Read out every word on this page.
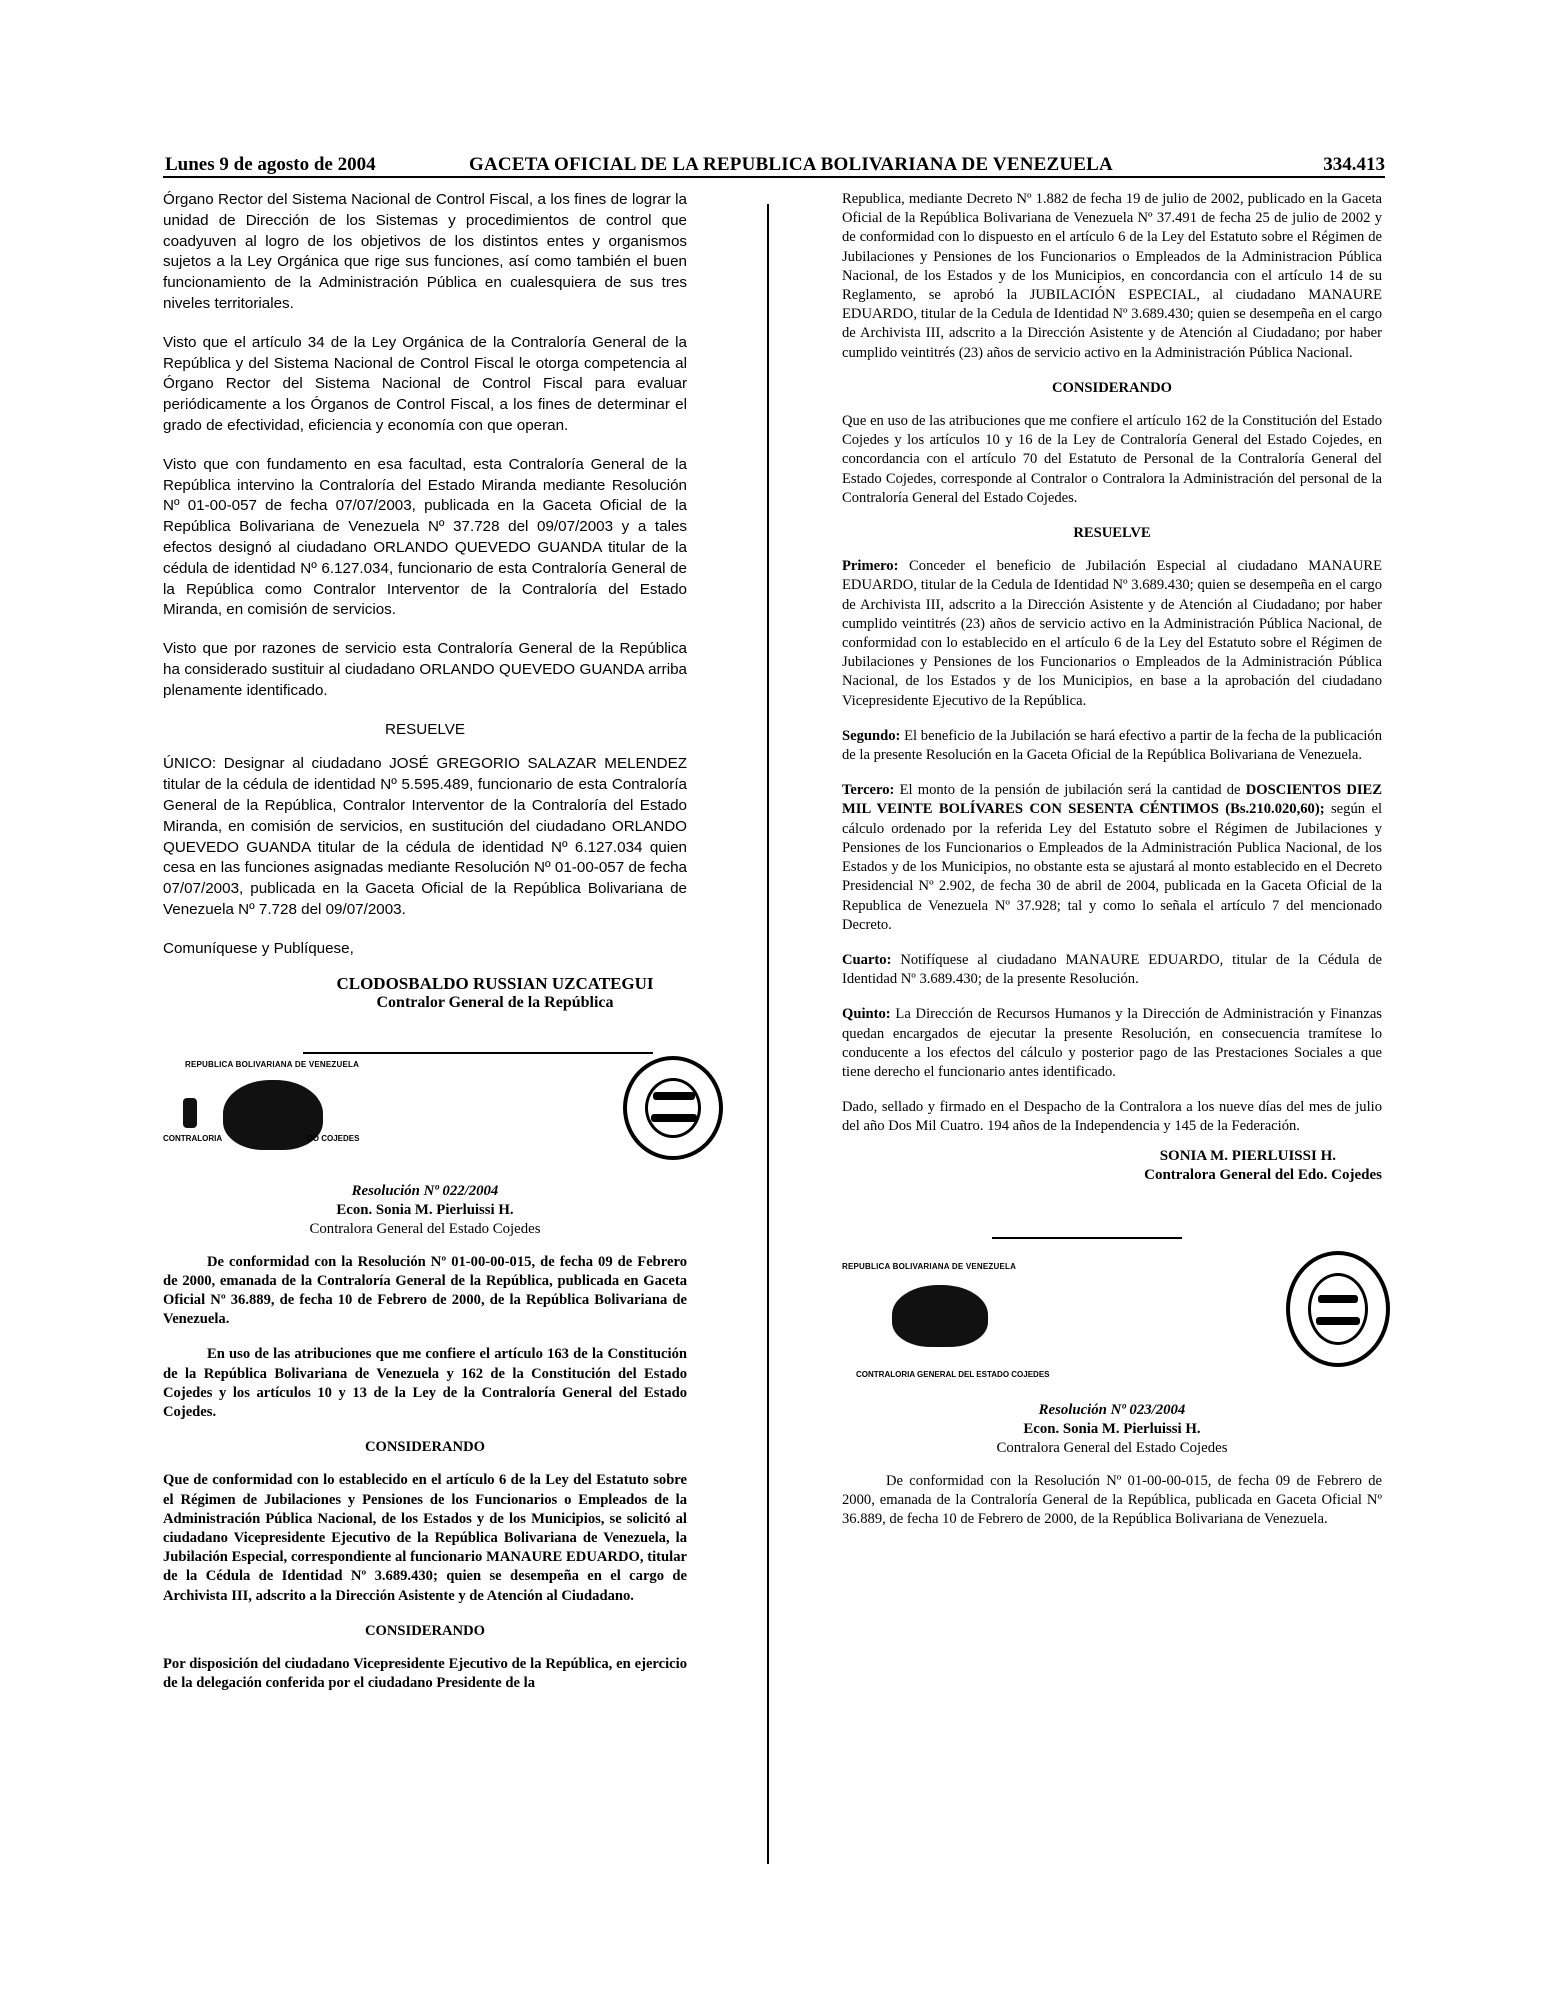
Lunes 9 de agosto de 2004	GACETA OFICIAL DE LA REPUBLICA BOLIVARIANA DE VENEZUELA	334.413

Órgano Rector del Sistema Nacional de Control Fiscal, a los fines de lograr la unidad de Dirección de los Sistemas y procedimientos de control que coadyuven al logro de los objetivos de los distintos entes y organismos sujetos a la Ley Orgánica que rige sus funciones, así como también el buen funcionamiento de la Administración Pública en cualesquiera de sus tres niveles territoriales.

Visto que el artículo 34 de la Ley Orgánica de la Contraloría General de la República y del Sistema Nacional de Control Fiscal le otorga competencia al Órgano Rector del Sistema Nacional de Control Fiscal para evaluar periódicamente a los Órganos de Control Fiscal, a los fines de determinar el grado de efectividad, eficiencia y economía con que operan.

Visto que con fundamento en esa facultad, esta Contraloría General de la República intervino la Contraloría del Estado Miranda mediante Resolución Nº 01-00-057 de fecha 07/07/2003, publicada en la Gaceta Oficial de la República Bolivariana de Venezuela Nº 37.728 del 09/07/2003 y a tales efectos designó al ciudadano ORLANDO QUEVEDO GUANDA titular de la cédula de identidad Nº 6.127.034, funcionario de esta Contraloría General de la República como Contralor Interventor de la Contraloría del Estado Miranda, en comisión de servicios.

Visto que por razones de servicio esta Contraloría General de la República ha considerado sustituir al ciudadano ORLANDO QUEVEDO GUANDA arriba plenamente identificado.

RESUELVE

ÚNICO: Designar al ciudadano JOSÉ GREGORIO SALAZAR MELENDEZ titular de la cédula de identidad Nº 5.595.489, funcionario de esta Contraloría General de la República, Contralor Interventor de la Contraloría del Estado Miranda, en comisión de servicios, en sustitución del ciudadano ORLANDO QUEVEDO GUANDA titular de la cédula de identidad Nº 6.127.034 quien cesa en las funciones asignadas mediante Resolución Nº 01-00-057 de fecha 07/07/2003, publicada en la Gaceta Oficial de la República Bolivariana de Venezuela Nº 7.728 del 09/07/2003.

Comuníquese y Publíquese,

CLODOSBALDO RUSSIAN UZCATEGUI
Contralor General de la República
REPUBLICA BOLIVARIANA DE VENEZUELA
CONTRALORIA	DO COJEDES
Resolución Nº 022/2004
Econ. Sonia M. Pierluissi H.
Contralora General del Estado Cojedes

De conformidad con la Resolución Nº 01-00-00-015, de fecha 09 de Febrero de 2000, emanada de la Contraloría General de la República, publicada en Gaceta Oficial Nº 36.889, de fecha 10 de Febrero de 2000, de la República Bolivariana de Venezuela.

En uso de las atribuciones que me confiere el artículo 163 de la Constitución de la República Bolivariana de Venezuela y 162 de la Constitución del Estado Cojedes y los artículos 10 y 13 de la Ley de la Contraloría General del Estado Cojedes.

CONSIDERANDO

Que de conformidad con lo establecido en el artículo 6 de la Ley del Estatuto sobre el Régimen de Jubilaciones y Pensiones de los Funcionarios o Empleados de la Administración Pública Nacional, de los Estados y de los Municipios, se solicitó al ciudadano Vicepresidente Ejecutivo de la República Bolivariana de Venezuela, la Jubilación Especial, correspondiente al funcionario MANAURE EDUARDO, titular de la Cédula de Identidad Nº 3.689.430; quien se desempeña en el cargo de Archivista III, adscrito a la Dirección Asistente y de Atención al Ciudadano.

CONSIDERANDO

Por disposición del ciudadano Vicepresidente Ejecutivo de la República, en ejercicio de la delegación conferida por el ciudadano Presidente de la

Republica, mediante Decreto Nº 1.882 de fecha 19 de julio de 2002, publicado en la Gaceta Oficial de la República Bolivariana de Venezuela Nº 37.491 de fecha 25 de julio de 2002 y de conformidad con lo dispuesto en el artículo 6 de la Ley del Estatuto sobre el Régimen de Jubilaciones y Pensiones de los Funcionarios o Empleados de la Administracion Pública Nacional, de los Estados y de los Municipios, en concordancia con el artículo 14 de su Reglamento, se aprobó la JUBILACIÓN ESPECIAL, al ciudadano MANAURE EDUARDO, titular de la Cedula de Identidad Nº 3.689.430; quien se desempeña en el cargo de Archivista III, adscrito a la Dirección Asistente y de Atención al Ciudadano; por haber cumplido veintitrés (23) años de servicio activo en la Administración Pública Nacional.

CONSIDERANDO

Que en uso de las atribuciones que me confiere el artículo 162 de la Constitución del Estado Cojedes y los artículos 10 y 16 de la Ley de Contraloría General del Estado Cojedes, en concordancia con el artículo 70 del Estatuto de Personal de la Contraloría General del Estado Cojedes, corresponde al Contralor o Contralora la Administración del personal de la Contraloría General del Estado Cojedes.

RESUELVE

Primero: Conceder el beneficio de Jubilación Especial al ciudadano MANAURE EDUARDO, titular de la Cedula de Identidad Nº 3.689.430; quien se desempeña en el cargo de Archivista III, adscrito a la Dirección Asistente y de Atención al Ciudadano; por haber cumplido veintitrés (23) años de servicio activo en la Administración Pública Nacional, de conformidad con lo establecido en el artículo 6 de la Ley del Estatuto sobre el Régimen de Jubilaciones y Pensiones de los Funcionarios o Empleados de la Administración Pública Nacional, de los Estados y de los Municipios, en base a la aprobación del ciudadano Vicepresidente Ejecutivo de la República.

Segundo: El beneficio de la Jubilación se hará efectivo a partir de la fecha de la publicación de la presente Resolución en la Gaceta Oficial de la República Bolivariana de Venezuela.

Tercero: El monto de la pensión de jubilación será la cantidad de DOSCIENTOS DIEZ MIL VEINTE BOLÍVARES CON SESENTA CÉNTIMOS (Bs.210.020,60); según el cálculo ordenado por la referida Ley del Estatuto sobre el Régimen de Jubilaciones y Pensiones de los Funcionarios o Empleados de la Administración Publica Nacional, de los Estados y de los Municipios, no obstante esta se ajustará al monto establecido en el Decreto Presidencial Nº 2.902, de fecha 30 de abril de 2004, publicada en la Gaceta Oficial de la Republica de Venezuela Nº 37.928; tal y como lo señala el artículo 7 del mencionado Decreto.

Cuarto: Notifíquese al ciudadano MANAURE EDUARDO, titular de la Cédula de Identidad Nº 3.689.430; de la presente Resolución.

Quinto: La Dirección de Recursos Humanos y la Dirección de Administración y Finanzas quedan encargados de ejecutar la presente Resolución, en consecuencia tramítese lo conducente a los efectos del cálculo y posterior pago de las Prestaciones Sociales a que tiene derecho el funcionario antes identificado.

Dado, sellado y firmado en el Despacho de la Contralora a los nueve días del mes de julio del año Dos Mil Cuatro. 194 años de la Independencia y 145 de la Federación.

SONIA M. PIERLUISSI H.
Contralora General del Edo. Cojedes
REPUBLICA BOLIVARIANA DE VENEZUELA
CONTRALORIA GENERAL DEL ESTADO COJEDES
Resolución Nº 023/2004
Econ. Sonia M. Pierluissi H.
Contralora General del Estado Cojedes

De conformidad con la Resolución Nº 01-00-00-015, de fecha 09 de Febrero de 2000, emanada de la Contraloría General de la República, publicada en Gaceta Oficial Nº 36.889, de fecha 10 de Febrero de 2000, de la República Bolivariana de Venezuela.
